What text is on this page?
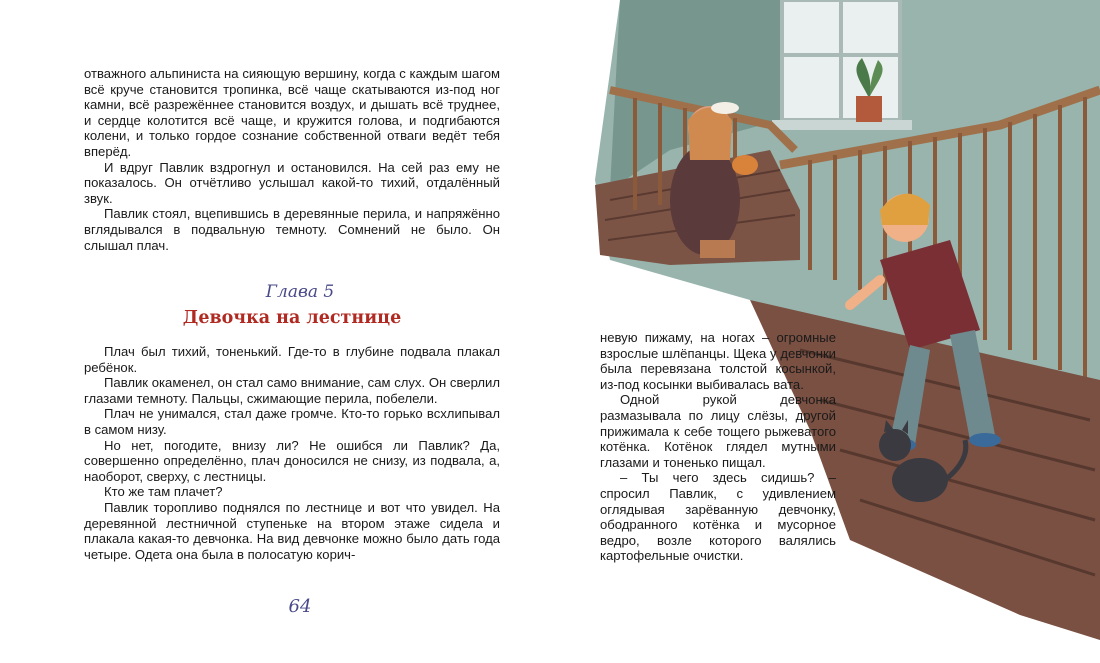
отважного альпиниста на сияющую вершину, когда с каждым шагом всё круче становится тропинка, всё чаще скатываются из-под ног камни, всё разрежённее становится воздух, и дышать всё труднее, и сердце колотится всё чаще, и кружится голова, и подгибаются колени, и только гордое сознание собственной отваги ведёт тебя вперёд.

И вдруг Павлик вздрогнул и остановился. На сей раз ему не показалось. Он отчётливо услышал какой-то тихий, отдалённый звук.

Павлик стоял, вцепившись в деревянные перила, и напряжённо вглядывался в подвальную темноту. Сомнений не было. Он слышал плач.

Глава 5
Девочка на лестнице

Плач был тихий, тоненький. Где-то в глубине подвала плакал ребёнок.

Павлик окаменел, он стал само внимание, сам слух. Он сверлил глазами темноту. Пальцы, сжимающие перила, побелели.

Плач не унимался, стал даже громче. Кто-то горько всхлипывал в самом низу.

Но нет, погодите, внизу ли? Не ошибся ли Павлик? Да, совершенно определённо, плач доносился не снизу, из подвала, а, наоборот, сверху, с лестницы.

Кто же там плачет?

Павлик торопливо поднялся по лестнице и вот что увидел. На деревянной лестничной ступеньке на втором этаже сидела и плакала какая-то девчонка. На вид девчонке можно было дать года четыре. Одета она была в полосатую корич-

64

невую пижаму, на ногах – огромные взрослые шлёпанцы. Щека у девчонки была перевязана толстой косынкой, из-под косынки выбивалась вата.

Одной рукой девчонка размазывала по лицу слёзы, другой прижимала к себе тощего рыжеватого котёнка. Котёнок глядел мутными глазами и тоненько пищал.

– Ты чего здесь сидишь? – спросил Павлик, с удивлением оглядывая зарёванную девчонку, ободранного котёнка и мусорное ведро, возле которого валялись картофельные очистки.
